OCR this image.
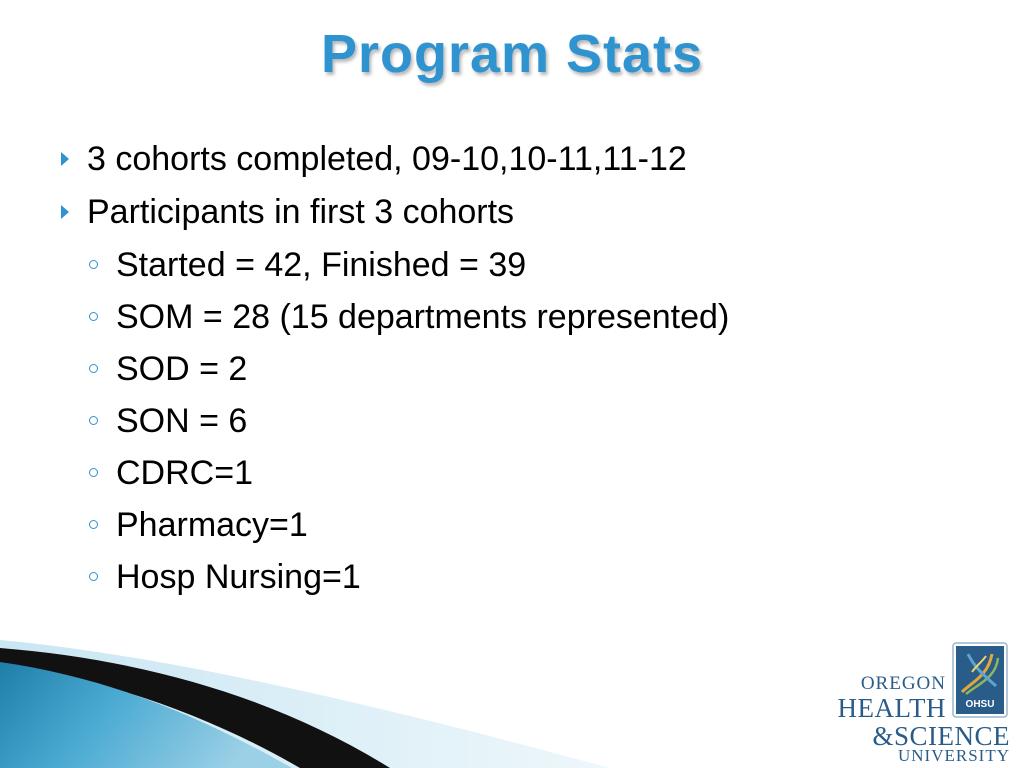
Program Stats
3 cohorts completed, 09-10,10-11,11-12
Participants in first 3 cohorts
Started = 42, Finished = 39
SOM = 28 (15 departments represented)
SOD = 2
SON = 6
CDRC=1
Pharmacy=1
Hosp Nursing=1
OREGON
HEALTH
&SCIENCE
UNIVERSITY
OHSU
